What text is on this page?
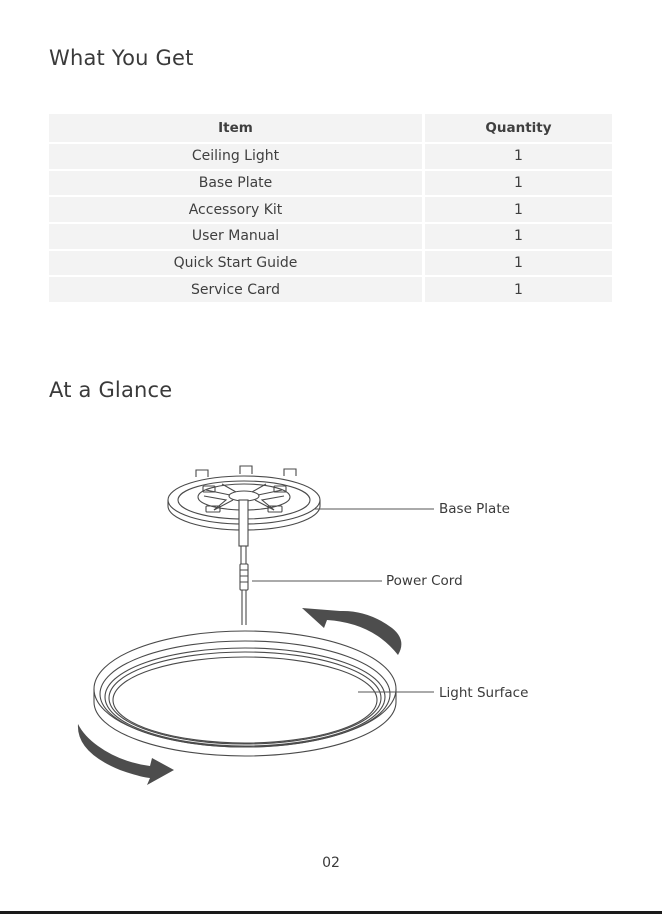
What You Get
Item	Quantity
Ceiling Light	1
Base Plate	1
Accessory Kit	1
User Manual	1
Quick Start Guide	1
Service Card	1
At a Glance
Base Plate
Power Cord
Light Surface
02
